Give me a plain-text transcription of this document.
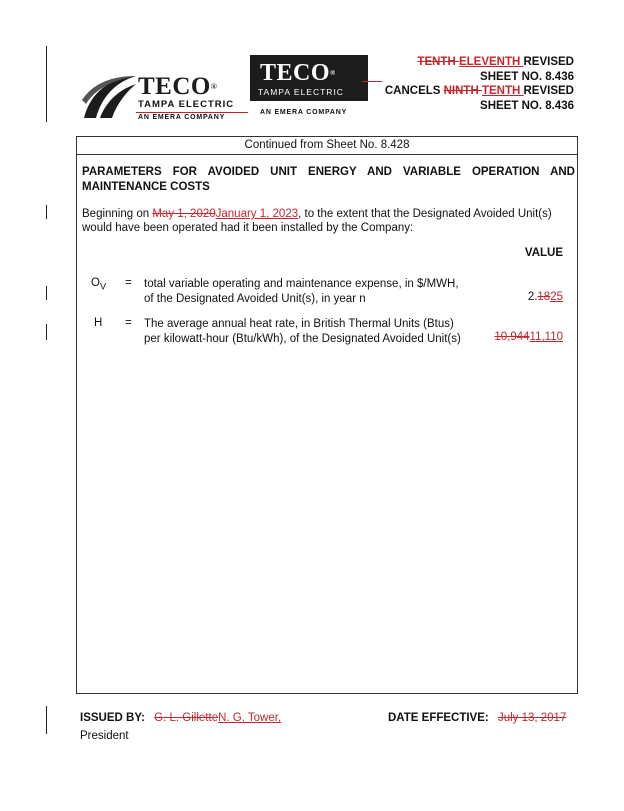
TECO®
TAMPA ELECTRIC
AN EMERA COMPANY
TECO®
TAMPA ELECTRIC
AN EMERA COMPANY
TENTH ELEVENTH REVISED
SHEET NO. 8.436
CANCELS NINTH TENTH REVISED
SHEET NO. 8.436
Continued from Sheet No. 8.428
PARAMETERS FOR AVOIDED UNIT ENERGY AND VARIABLE OPERATION AND MAINTENANCE COSTS
Beginning on May 1, 2020January 1, 2023, to the extent that the Designated Avoided Unit(s) would have been operated had it been installed by the Company:
VALUE
$O_V$ = total variable operating and maintenance expense, in $/MWH,
of the Designated Avoided Unit(s), in year n	2.1825
H = The average annual heat rate, in British Thermal Units (Btus)
per kilowatt-hour (Btu/kWh), of the Designated Avoided Unit(s)	10,94411,110
ISSUED BY: G. L. GilletteN. G. Tower,
President
DATE EFFECTIVE: July 13, 2017
